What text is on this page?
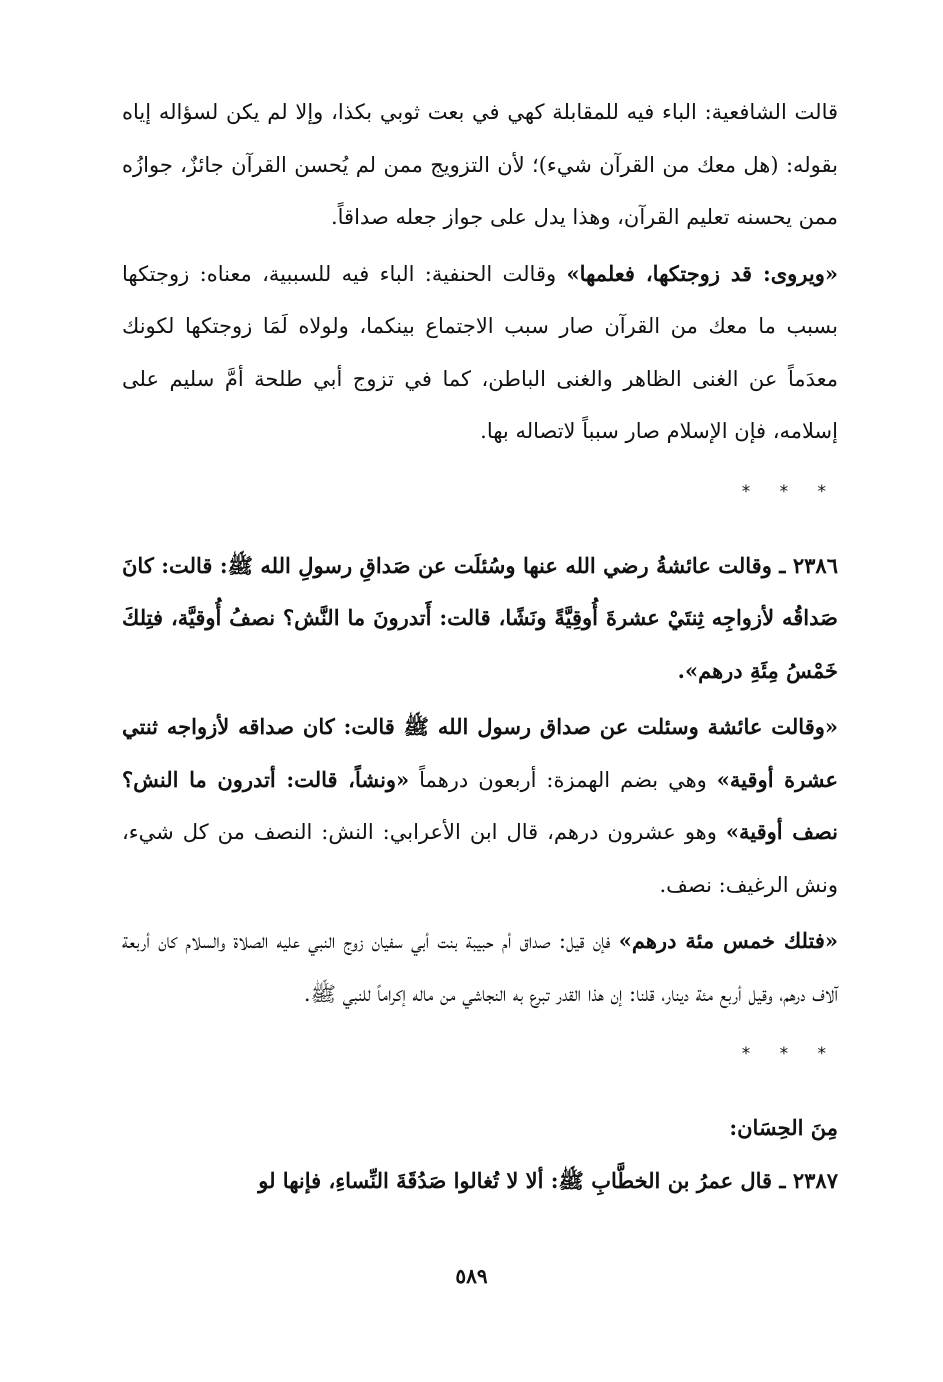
قالت الشافعية: الباء فيه للمقابلة كهي في بعت ثوبي بكذا، وإلا لم يكن لسؤاله إياه بقوله: (هل معك من القرآن شيء)؛ لأن التزويج ممن لم يُحسن القرآن جائزٌ، جوازُه ممن يحسنه تعليم القرآن، وهذا يدل على جواز جعله صداقاً.

«ويروى: قد زوجتكها، فعلمها» وقالت الحنفية: الباء فيه للسببية، معناه: زوجتكها بسبب ما معك من القرآن صار سبب الاجتماع بينكما، ولولاه لَمَا زوجتكها لكونك معدَماً عن الغنى الظاهر والغنى الباطن، كما في تزوج أبي طلحة أمَّ سليم على إسلامه، فإن الإسلام صار سبباً لاتصاله بها.

* * *

٢٣٨٦ ـ وقالت عائشةُ رضي الله عنها وسُئلَت عن صَداقِ رسولِ الله ﷺ: قالت: كانَ صَداقُه لأزواجِه ثِنتَيْ عشرةَ أُوقِيَّةً ونَشًا، قالت: أَتدرونَ ما النَّش؟ نصفُ أُوقيَّة، فتِلكَ خَمْسُ مِئَةِ درهم».

«وقالت عائشة وسئلت عن صداق رسول الله ﷺ قالت: كان صداقه لأزواجه ثنتي عشرة أوقية» وهي بضم الهمزة: أربعون درهماً «ونشاً، قالت: أتدرون ما النش؟ نصف أوقية» وهو عشرون درهم، قال ابن الأعرابي: النش: النصف من كل شيء، ونش الرغيف: نصف.

«فتلك خمس مئة درهم» فإن قيل: صداق أم حبيبة بنت أبي سفيان زوج النبي عليه الصلاة والسلام كان أربعة آلاف درهم، وقيل أربع مئة دينار، قلنا: إن هذا القدر تبرع به النجاشي من ماله إكراماً للنبي ﷺ.

* * *
مِنَ الحِسَان:

٢٣٨٧ ـ قال عمرُ بن الخطَّابِ ﷺ: ألا لا تُغالوا صَدُقَةَ النِّساءِ، فإنها لو

٥٨٩
